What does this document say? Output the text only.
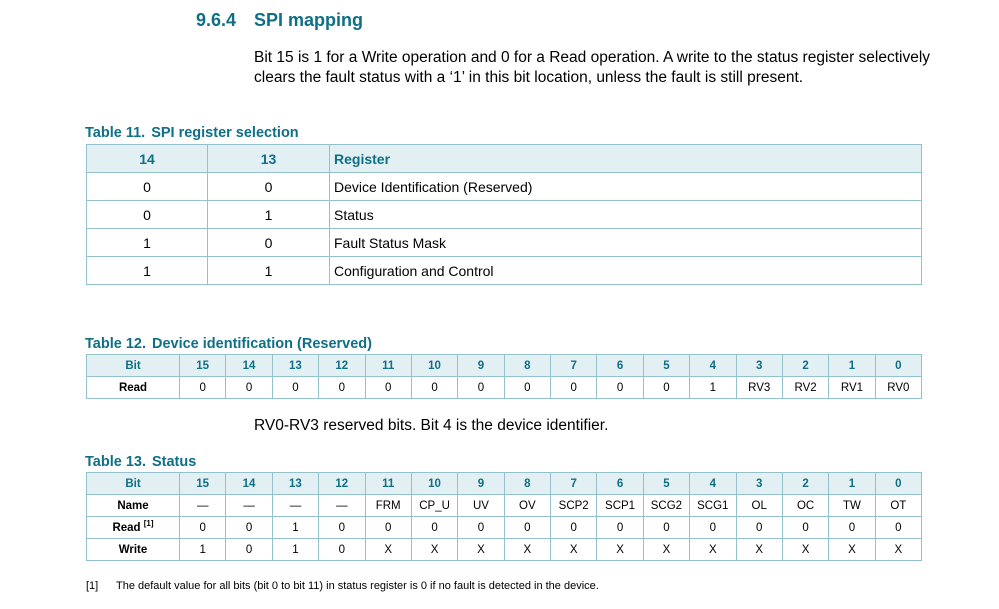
9.6.4 SPI mapping

Bit 15 is 1 for a Write operation and 0 for a Read operation. A write to the status register selectively clears the fault status with a ‘1’ in this bit location, unless the fault is still present.

Table 11. SPI register selection
14	13	Register
0	0	Device Identification (Reserved)
0	1	Status
1	0	Fault Status Mask
1	1	Configuration and Control
Table 12. Device identification (Reserved)
Bit	15	14	13	12	11	10	9	8	7	6	5	4	3	2	1	0
Read	0	0	0	0	0	0	0	0	0	0	0	1	RV3	RV2	RV1	RV0

RV0-RV3 reserved bits. Bit 4 is the device identifier.

Table 13. Status
Bit	15	14	13	12	11	10	9	8	7	6	5	4	3	2	1	0
Name	—	—	—	—	FRM	CP_U	UV	OV	SCP2	SCP1	SCG2	SCG1	OL	OC	TW	OT
Read [1]	0	0	1	0	0	0	0	0	0	0	0	0	0	0	0	0
Write	1	0	1	0	X	X	X	X	X	X	X	X	X	X	X	X
[1] The default value for all bits (bit 0 to bit 11) in status register is 0 if no fault is detected in the device.
